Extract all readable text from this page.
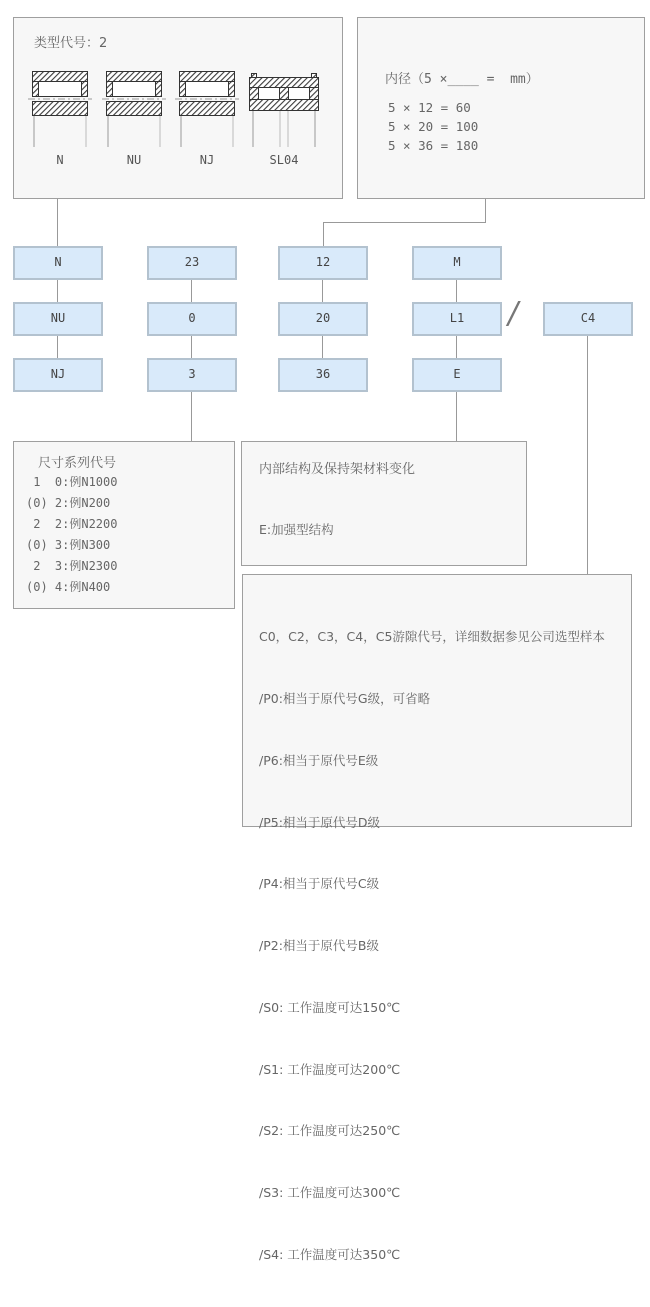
类型代号：2
N	NU	NJ	SL04
内径（5 ×____ =  mm）
5 × 12 = 60
5 × 20 = 100
5 × 36 = 180
N
NU
NJ
23
0
3
12
20
36
M
L1
E
/	C4
尺寸系列代号
1  0:例N1000
(0) 2:例N200
2  2:例N2200
(0) 3:例N300
2  3:例N2300
(0) 4:例N400
内部结构及保持架材料变化

E:加强型结构

C0，C2，C3，C4，C5游隙代号，详细数据参见公司选型样本

/P0:相当于原代号G级，可省略

/P6:相当于原代号E级

/P5:相当于原代号D级

/P4:相当于原代号C级

/P2:相当于原代号B级

/S0: 工作温度可达150℃

/S1: 工作温度可达200℃

/S2: 工作温度可达250℃

/S3: 工作温度可达300℃

/S4: 工作温度可达350℃
